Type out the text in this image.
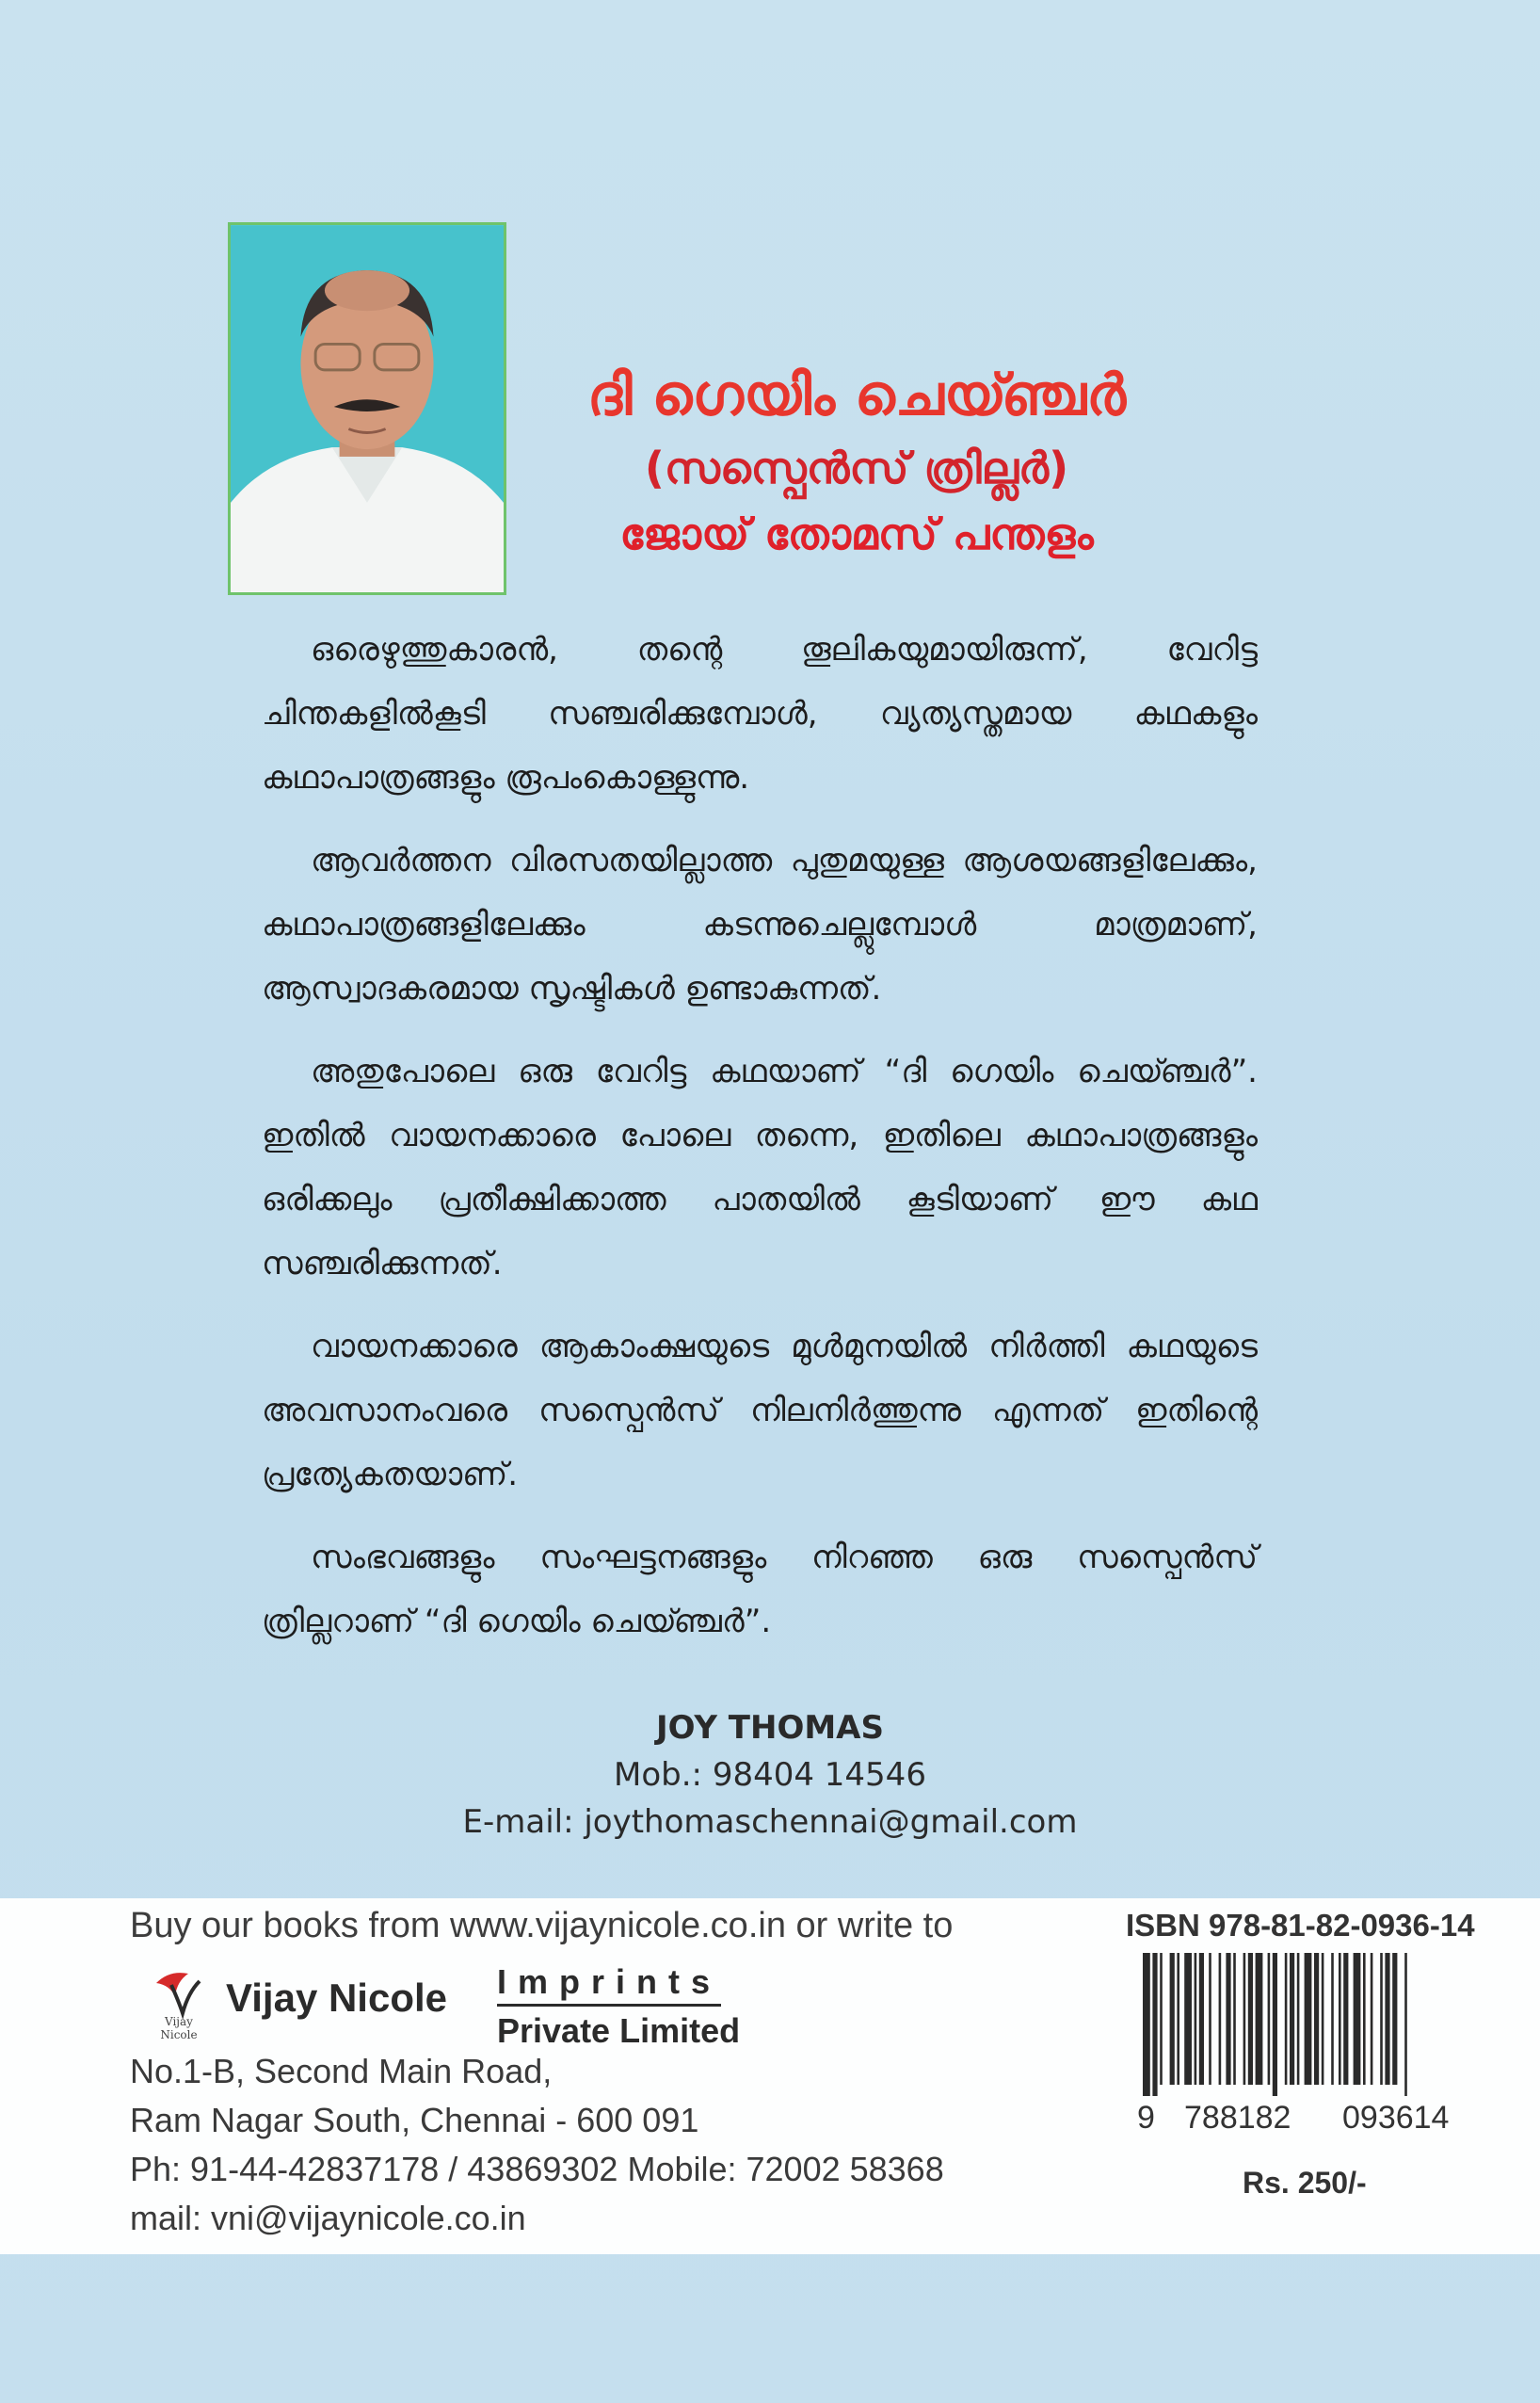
ദി ഗെയിം ചെയ്ഞ്ചർ
(സസ്പെൻസ് ത്രില്ലർ)
ജോയ് തോമസ് പന്തളം

ഒരെഴുത്തുകാരൻ, തന്റെ തൂലികയുമായിരുന്ന്, വേറിട്ട ചിന്തകളിൽകൂടി സഞ്ചരിക്കുമ്പോൾ, വ്യത്യസ്തമായ കഥകളും കഥാപാത്രങ്ങളും രൂപംകൊള്ളുന്നു.

ആവർത്തന വിരസതയില്ലാത്ത പുതുമയുള്ള ആശയങ്ങളിലേക്കും, കഥാപാത്രങ്ങളിലേക്കും കടന്നുചെല്ലുമ്പോൾ മാത്രമാണ്, ആസ്വാദകരമായ സൃഷ്ടികൾ ഉണ്ടാകുന്നത്.

അതുപോലെ ഒരു വേറിട്ട കഥയാണ് “ദി ഗെയിം ചെയ്ഞ്ചർ”. ഇതിൽ വായനക്കാരെ പോലെ തന്നെ, ഇതിലെ കഥാപാത്രങ്ങളും ഒരിക്കലും പ്രതീക്ഷിക്കാത്ത പാതയിൽ കൂടിയാണ് ഈ കഥ സഞ്ചരിക്കുന്നത്.

വായനക്കാരെ ആകാംക്ഷയുടെ മുൾമുനയിൽ നിർത്തി കഥയുടെ അവസാനംവരെ സസ്പെൻസ് നിലനിർത്തുന്നു എന്നത് ഇതിന്റെ പ്രത്യേകതയാണ്.

സംഭവങ്ങളും സംഘട്ടനങ്ങളും നിറഞ്ഞ ഒരു സസ്പെൻസ് ത്രില്ലറാണ് “ദി ഗെയിം ചെയ്ഞ്ചർ”.

JOY THOMAS
Mob.: 98404 14546
E-mail: joythomaschennai@gmail.com
Buy our books from www.vijaynicole.co.in or write to
Vijay Nicole
Vijay Nicole Imprints
Private Limited
No.1-B, Second Main Road,
Ram Nagar South, Chennai - 600 091
Ph: 91-44-42837178 / 43869302 Mobile: 72002 58368
mail: vni@vijaynicole.co.in
ISBN 978-81-82-0936-14
9 788182 093614
Rs. 250/-
